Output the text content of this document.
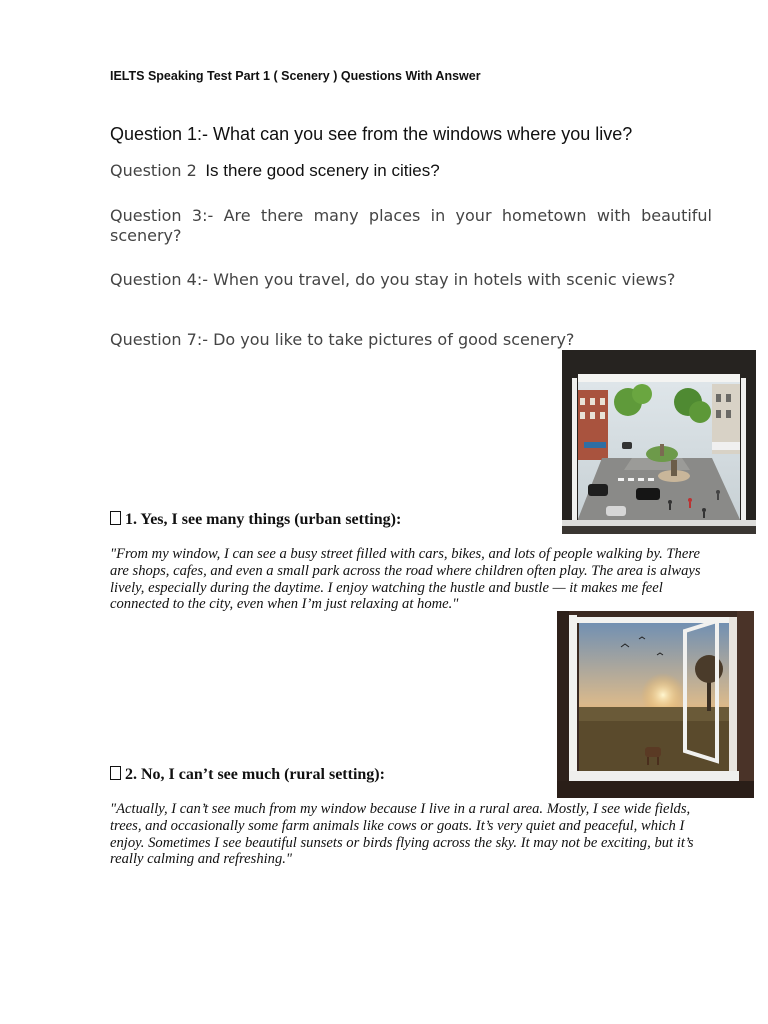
IELTS Speaking Test Part 1 ( Scenery ) Questions With Answer
Question 1:- What can you see from the windows where you live?
Question 2 Is there good scenery in cities?
Question 3:- Are there many places in your hometown with beautiful scenery?
Question 4:- When you travel, do you stay in hotels with scenic views?
Question 7:- Do you like to take pictures of good scenery?
1. Yes, I see many things (urban setting):
"From my window, I can see a busy street filled with cars, bikes, and lots of people walking by. There are shops, cafes, and even a small park across the road where children often play. The area is always lively, especially during the daytime. I enjoy watching the hustle and bustle — it makes me feel connected to the city, even when I’m just relaxing at home."
2. No, I can’t see much (rural setting):
"Actually, I can’t see much from my window because I live in a rural area. Mostly, I see wide fields, trees, and occasionally some farm animals like cows or goats. It’s very quiet and peaceful, which I enjoy. Sometimes I see beautiful sunsets or birds flying across the sky. It may not be exciting, but it’s really calming and refreshing."
